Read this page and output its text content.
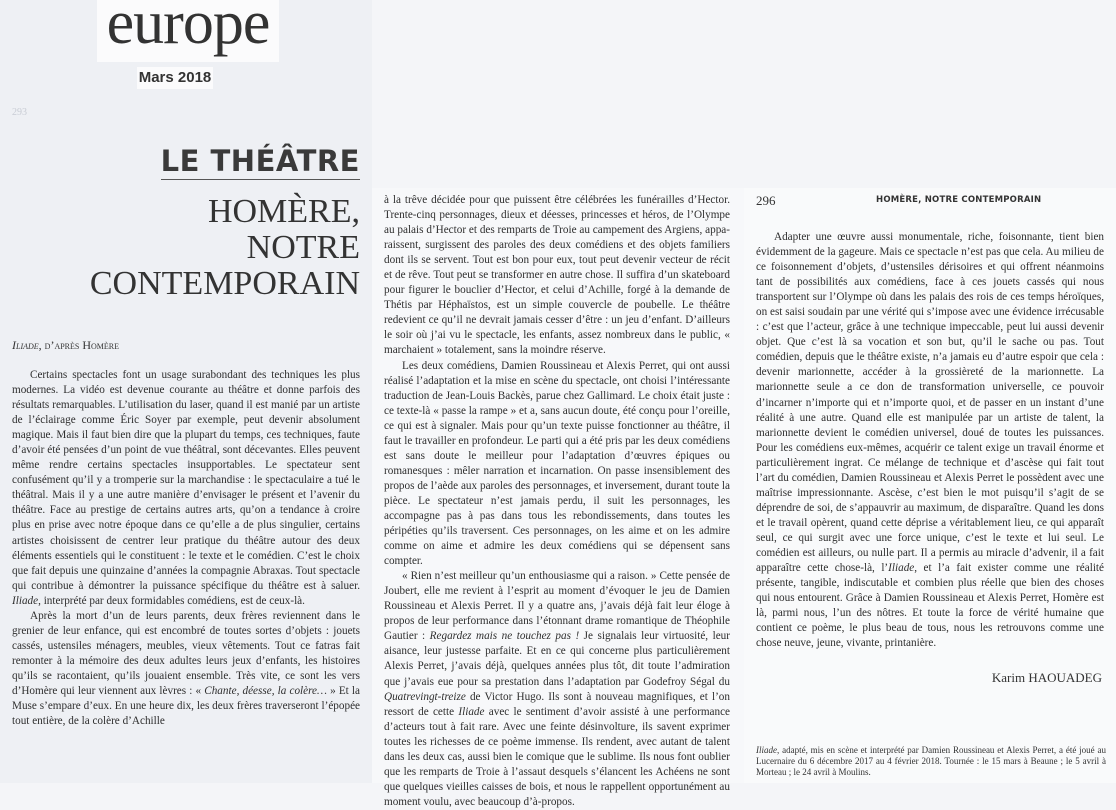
293
europe
Mars 2018
LE THÉÂTRE
HOMÈRE,
NOTRE CONTEMPORAIN
Iliade, d’après Homère

Certains spectacles font un usage surabondant des techniques les plus modernes. La vidéo est devenue courante au théâtre et donne parfois des résultats remarquables. L’utilisation du laser, quand il est manié par un artiste de l’éclairage comme Éric Soyer par exemple, peut devenir absolument magique. Mais il faut bien dire que la plupart du temps, ces techniques, faute d’avoir été pensées d’un point de vue théâtral, sont décevantes. Elles peuvent même rendre certains spectacles insupportables. Le spectateur sent confusément qu’il y a tromperie sur la marchandise : le spectaculaire a tué le théâtral. Mais il y a une autre manière d’envisager le présent et l’avenir du théâtre. Face au prestige de certains autres arts, qu’on a tendance à croire plus en prise avec notre époque dans ce qu’elle a de plus singulier, certains artistes choisissent de centrer leur pratique du théâtre autour des deux éléments essentiels qui le constituent : le texte et le comédien. C’est le choix que fait depuis une quinzaine d’années la compagnie Abraxas. Tout spectacle qui contribue à démontrer la puissance spécifique du théâtre est à saluer. Iliade, interprété par deux formidables comédiens, est de ceux-là.

Après la mort d’un de leurs parents, deux frères reviennent dans le grenier de leur enfance, qui est encombré de toutes sortes d’objets : jouets cassés, ustensiles ménagers, meubles, vieux vêtements. Tout ce fatras fait remonter à la mémoire des deux adultes leurs jeux d’enfants, les histoires qu’ils se racontaient, qu’ils jouaient ensemble. Très vite, ce sont les vers d’Homère qui leur viennent aux lèvres : « Chante, déesse, la colère… » Et la Muse s’empare d’eux. En une heure dix, les deux frères traverseront l’épopée tout entière, de la colère d’Achille

à la trêve décidée pour que puissent être célébrées les funérailles d’Hector. Trente-cinq personnages, dieux et déesses, princesses et héros, de l’Olympe au palais d’Hector et des remparts de Troie au campement des Argiens, apparaissent, surgissent des paroles des deux comédiens et des objets familiers dont ils se servent. Tout est bon pour eux, tout peut devenir vecteur de récit et de rêve. Tout peut se transformer en autre chose. Il suffira d’un skateboard pour figurer le bouclier d’Hector, et celui d’Achille, forgé à la demande de Thétis par Héphaïstos, est un simple couvercle de poubelle. Le théâtre redevient ce qu’il ne devrait jamais cesser d’être : un jeu d’enfant. D’ailleurs le soir où j’ai vu le spectacle, les enfants, assez nombreux dans le public, « marchaient » totalement, sans la moindre réserve.

Les deux comédiens, Damien Roussineau et Alexis Perret, qui ont aussi réalisé l’adaptation et la mise en scène du spectacle, ont choisi l’intéressante traduction de Jean-Louis Backès, parue chez Gallimard. Le choix était juste : ce texte-là « passe la rampe » et a, sans aucun doute, été conçu pour l’oreille, ce qui est à signaler. Mais pour qu’un texte puisse fonctionner au théâtre, il faut le travailler en profondeur. Le parti qui a été pris par les deux comédiens est sans doute le meilleur pour l’adaptation d’œuvres épiques ou romanesques : mêler narration et incarnation. On passe insensiblement des propos de l’aède aux paroles des personnages, et inversement, durant toute la pièce. Le spectateur n’est jamais perdu, il suit les personnages, les accompagne pas à pas dans tous les rebondissements, dans toutes les péripéties qu’ils traversent. Ces personnages, on les aime et on les admire comme on aime et admire les deux comédiens qui se dépensent sans compter.

« Rien n’est meilleur qu’un enthousiasme qui a raison. » Cette pensée de Joubert, elle me revient à l’esprit au moment d’évoquer le jeu de Damien Roussineau et Alexis Perret. Il y a quatre ans, j’avais déjà fait leur éloge à propos de leur performance dans l’étonnant drame romantique de Théophile Gautier : Regardez mais ne touchez pas ! Je signalais leur virtuosité, leur aisance, leur justesse parfaite. Et en ce qui concerne plus particulièrement Alexis Perret, j’avais déjà, quelques années plus tôt, dit toute l’admiration que j’avais eue pour sa prestation dans l’adaptation par Godefroy Ségal du Quatrevingt-treize de Victor Hugo. Ils sont à nouveau magnifiques, et l’on ressort de cette Iliade avec le sentiment d’avoir assisté à une performance d’acteurs tout à fait rare. Avec une feinte désinvolture, ils savent exprimer toutes les richesses de ce poème immense. Ils rendent, avec autant de talent dans les deux cas, aussi bien le comique que le sublime. Ils nous font oublier que les remparts de Troie à l’assaut desquels s’élancent les Achéens ne sont que quelques vieilles caisses de bois, et nous le rappellent opportunément au moment voulu, avec beaucoup d’à-propos.

296	HOMÈRE, NOTRE CONTEMPORAIN

Adapter une œuvre aussi monumentale, riche, foisonnante, tient bien évidemment de la gageure. Mais ce spectacle n’est pas que cela. Au milieu de ce foisonnement d’objets, d’ustensiles dérisoires et qui offrent néanmoins tant de possibilités aux comédiens, face à ces jouets cassés qui nous transportent sur l’Olympe où dans les palais des rois de ces temps héroïques, on est saisi soudain par une vérité qui s’impose avec une évidence irrécusable : c’est que l’acteur, grâce à une technique impeccable, peut lui aussi devenir objet. Que c’est là sa vocation et son but, qu’il le sache ou pas. Tout comédien, depuis que le théâtre existe, n’a jamais eu d’autre espoir que cela : devenir marionnette, accéder à la grossièreté de la marionnette. La marionnette seule a ce don de transformation universelle, ce pouvoir d’incarner n’importe qui et n’importe quoi, et de passer en un instant d’une réalité à une autre. Quand elle est manipulée par un artiste de talent, la marionnette devient le comédien universel, doué de toutes les puissances. Pour les comédiens eux-mêmes, acquérir ce talent exige un travail énorme et particulièrement ingrat. Ce mélange de technique et d’ascèse qui fait tout l’art du comédien, Damien Roussineau et Alexis Perret le possèdent avec une maîtrise impressionnante. Ascèse, c’est bien le mot puisqu’il s’agit de se déprendre de soi, de s’appauvrir au maximum, de disparaître. Quand les dons et le travail opèrent, quand cette déprise a véritablement lieu, ce qui apparaît seul, ce qui surgit avec une force unique, c’est le texte et lui seul. Le comédien est ailleurs, ou nulle part. Il a permis au miracle d’advenir, il a fait apparaître cette chose-là, l’Iliade, et l’a fait exister comme une réalité présente, tangible, indiscutable et combien plus réelle que bien des choses qui nous entourent. Grâce à Damien Roussineau et Alexis Perret, Homère est là, parmi nous, l’un des nôtres. Et toute la force de vérité humaine que contient ce poème, le plus beau de tous, nous les retrouvons comme une chose neuve, jeune, vivante, printanière.

Karim HAOUADEG
Iliade, adapté, mis en scène et interprété par Damien Roussineau et Alexis Perret, a été joué au Lucernaire du 6 décembre 2017 au 4 février 2018. Tournée : le 15 mars à Beaune ; le 5 avril à Morteau ; le 24 avril à Moulins.
